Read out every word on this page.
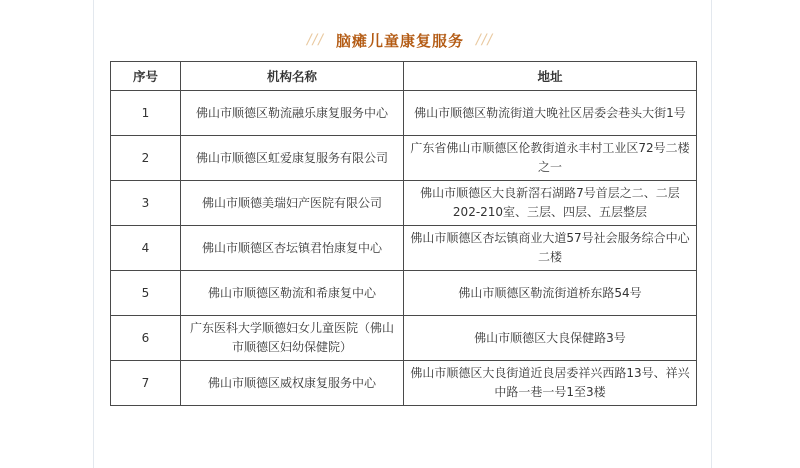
/// 脑瘫儿童康复服务 ///
序号	机构名称	地址
1	佛山市顺德区勒流融乐康复服务中心	佛山市顺德区勒流街道大晚社区居委会巷头大街1号
2	佛山市顺德区虹爱康复服务有限公司	广东省佛山市顺德区伦教街道永丰村工业区72号二楼之一
3	佛山市顺德美瑞妇产医院有限公司	佛山市顺德区大良新滘石湖路7号首层之二、二层202-210室、三层、四层、五层整层
4	佛山市顺德区杏坛镇君怡康复中心	佛山市顺德区杏坛镇商业大道57号社会服务综合中心二楼
5	佛山市顺德区勒流和希康复中心	佛山市顺德区勒流街道桥东路54号
6	广东医科大学顺德妇女儿童医院（佛山市顺德区妇幼保健院）	佛山市顺德区大良保健路3号
7	佛山市顺德区威权康复服务中心	佛山市顺德区大良街道近良居委祥兴西路13号、祥兴中路一巷一号1至3楼
